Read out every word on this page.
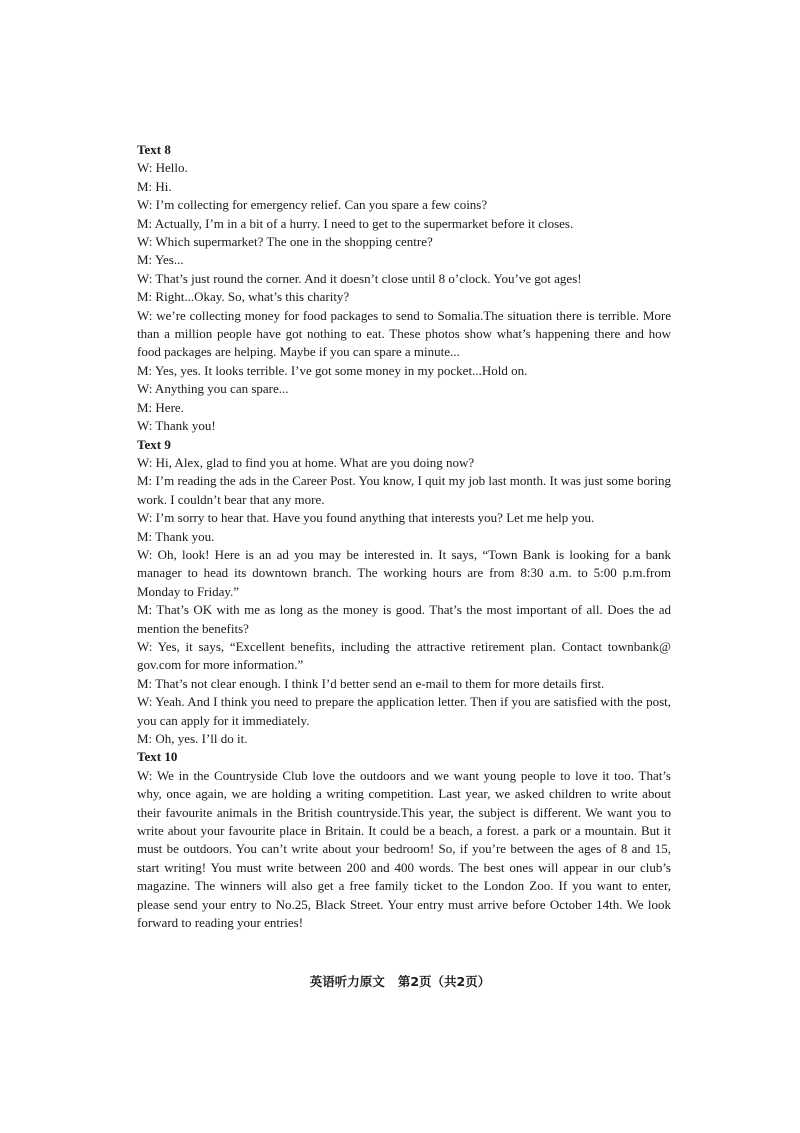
Text 8

W: Hello.

M: Hi.

W: I’m collecting for emergency relief. Can you spare a few coins?

M: Actually, I’m in a bit of a hurry. I need to get to the supermarket before it closes.

W: Which supermarket? The one in the shopping centre?

M: Yes...

W: That’s just round the corner. And it doesn’t close until 8 o’clock. You’ve got ages!

M: Right...Okay. So, what’s this charity?

W: we’re collecting money for food packages to send to Somalia.The situation there is terrible. More than a million people have got nothing to eat. These photos show what’s happening there and how food packages are helping. Maybe if you can spare a minute...

M: Yes, yes. It looks terrible. I’ve got some money in my pocket...Hold on.

W: Anything you can spare...

M: Here.

W: Thank you!

Text 9

W: Hi, Alex, glad to find you at home. What are you doing now?

M: I’m reading the ads in the Career Post. You know, I quit my job last month. It was just some boring work. I couldn’t bear that any more.

W: I’m sorry to hear that. Have you found anything that interests you? Let me help you.

M: Thank you.

W: Oh, look! Here is an ad you may be interested in. It says, “Town Bank is looking for a bank manager to head its downtown branch. The working hours are from 8:30 a.m. to 5:00 p.m.from Monday to Friday.”

M: That’s OK with me as long as the money is good. That’s the most important of all. Does the ad mention the benefits?

W: Yes, it says, “Excellent benefits, including the attractive retirement plan. Contact townbank@ gov.com for more information.”

M: That’s not clear enough. I think I’d better send an e-mail to them for more details first.

W: Yeah. And I think you need to prepare the application letter. Then if you are satisfied with the post, you can apply for it immediately.

M: Oh, yes. I’ll do it.

Text 10

W: We in the Countryside Club love the outdoors and we want young people to love it too. That’s why, once again, we are holding a writing competition. Last year, we asked children to write about their favourite animals in the British countryside.This year, the subject is different. We want you to write about your favourite place in Britain. It could be a beach, a forest. a park or a mountain. But it must be outdoors. You can’t write about your bedroom! So, if you’re between the ages of 8 and 15, start writing! You must write between 200 and 400 words. The best ones will appear in our club’s magazine. The winners will also get a free family ticket to the London Zoo. If you want to enter, please send your entry to No.25, Black Street. Your entry must arrive before October 14th. We look forward to reading your entries!

英语听力原文 第2页（共2页）
